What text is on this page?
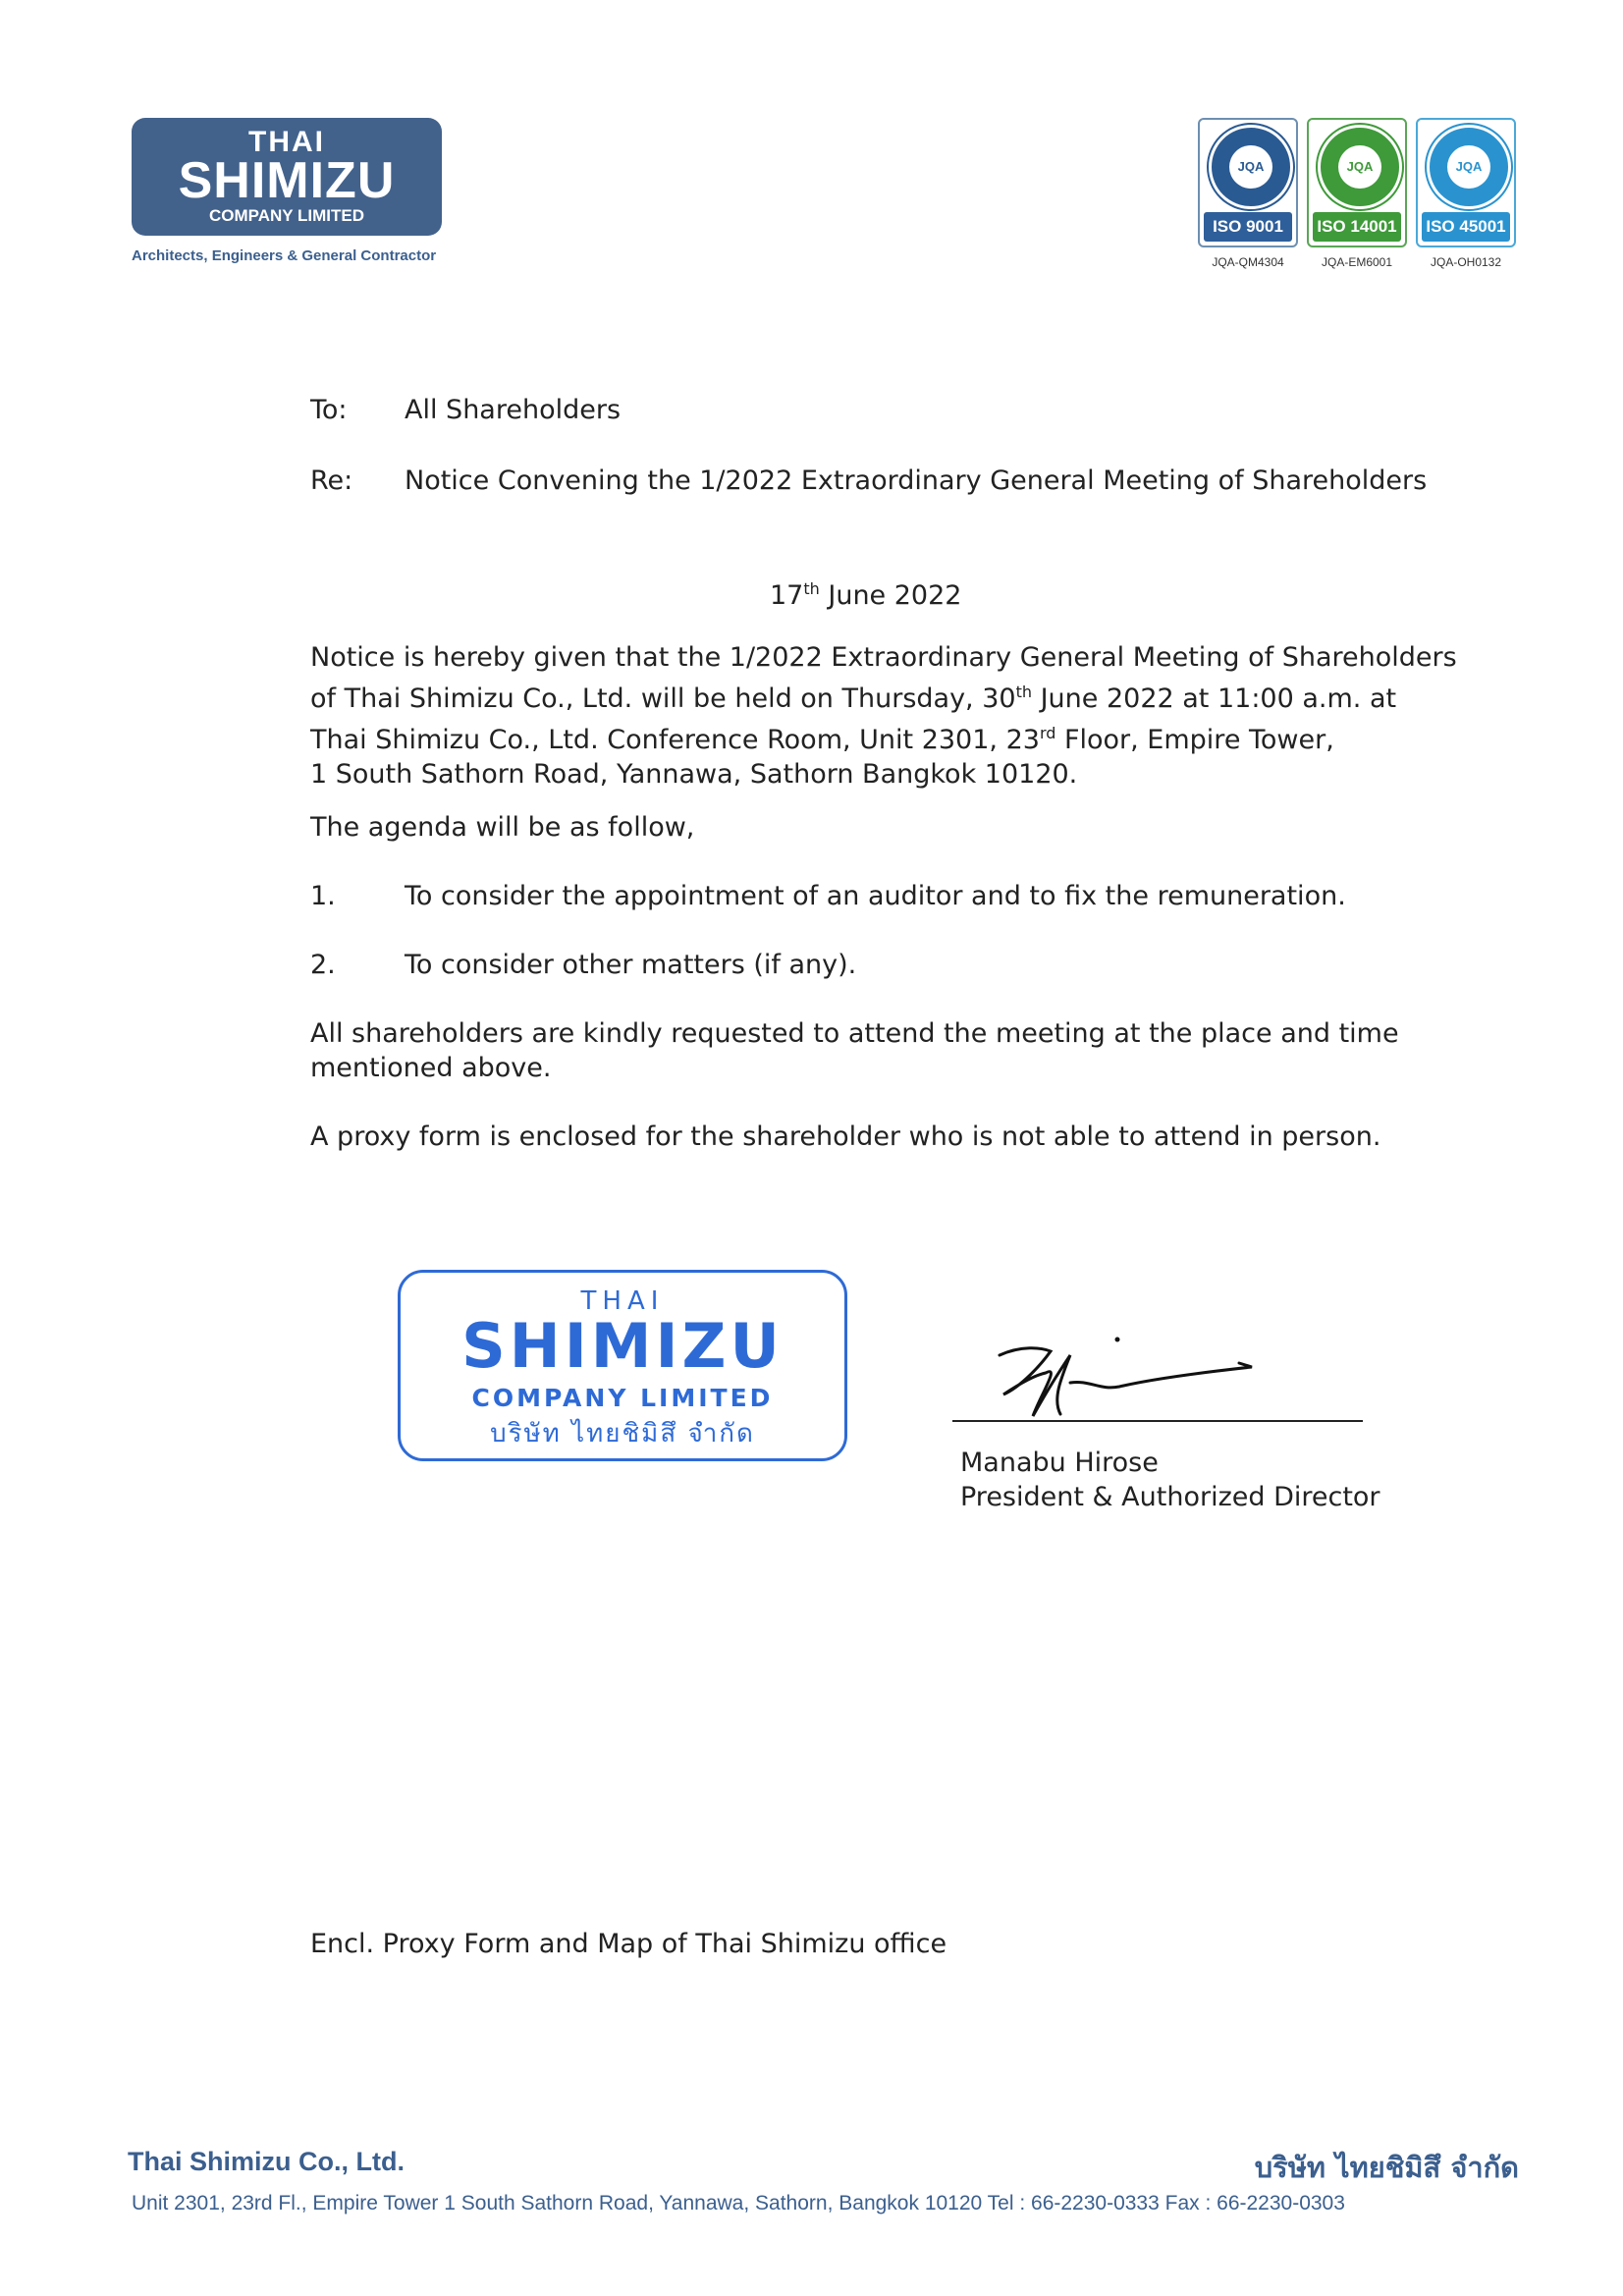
THAI
SHIMIZU
COMPANY LIMITED
Architects, Engineers & General Contractor
JQA
ISO 9001
JQA-QM4304
JQA
ISO 14001
JQA-EM6001
JQA
ISO 45001
JQA-OH0132
To: All Shareholders
Re: Notice Convening the 1/2022 Extraordinary General Meeting of Shareholders
17th June 2022
Notice is hereby given that the 1/2022 Extraordinary General Meeting of Shareholders
of Thai Shimizu Co., Ltd. will be held on Thursday, 30th June 2022 at 11:00 a.m. at
Thai Shimizu Co., Ltd. Conference Room, Unit 2301, 23rd Floor, Empire Tower,
1 South Sathorn Road, Yannawa, Sathorn Bangkok 10120.
The agenda will be as follow,
1.	To consider the appointment of an auditor and to fix the remuneration.
2.	To consider other matters (if any).
All shareholders are kindly requested to attend the meeting at the place and time
mentioned above.
A proxy form is enclosed for the shareholder who is not able to attend in person.
THAI
SHIMIZU
COMPANY LIMITED
บริษัท ไทยชิมิสึ จำกัด
Manabu Hirose
President & Authorized Director
Encl. Proxy Form and Map of Thai Shimizu office
Thai Shimizu Co., Ltd.	บริษัท ไทยชิมิสึ จำกัด
Unit 2301, 23rd Fl., Empire Tower 1 South Sathorn Road, Yannawa, Sathorn, Bangkok 10120 Tel : 66-2230-0333 Fax : 66-2230-0303
